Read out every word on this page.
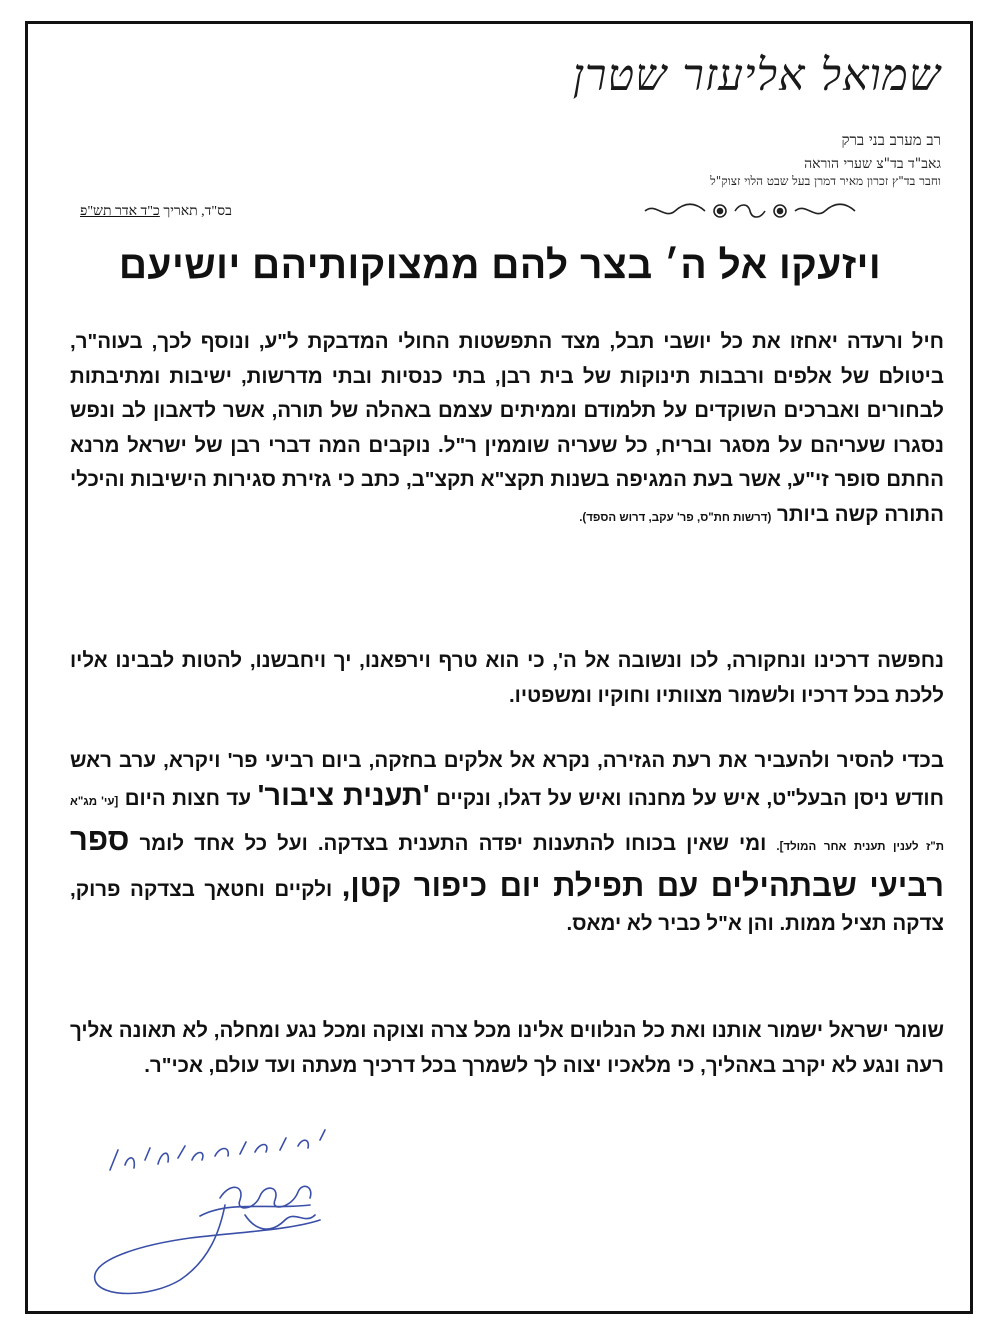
שמואל אליעזר שטרן
רב מערב בני ברק
גאב"ד בד"צ שערי הוראה
וחבר בד"ץ זכרון מאיר דמרן בעל שבט הלוי זצוק"ל
בס"ד, תאריך כ"ד אדר תש"פ
ויזעקו אל ה׳ בצר להם ממצוקותיהם יושיעם
חיל ורעדה יאחזו את כל יושבי תבל, מצד התפשטות החולי המדבקת ל"ע, ונוסף לכך, בעוה"ר, ביטולם של אלפים ורבבות תינוקות של בית רבן, בתי כנסיות ובתי מדרשות, ישיבות ומתיבתות לבחורים ואברכים השוקדים על תלמודם וממיתים עצמם באהלה של תורה, אשר לדאבון לב ונפש נסגרו שעריהם על מסגר ובריח, כל שעריה שוממין ר"ל. נוקבים המה דברי רבן של ישראל מרנא החתם סופר זי"ע, אשר בעת המגיפה בשנות תקצ"א תקצ"ב, כתב כי גזירת סגירות הישיבות והיכלי התורה קשה ביותר (דרשות חת"ס, פר' עקב, דרוש הספד).
נחפשה דרכינו ונחקורה, לכו ונשובה אל ה', כי הוא טרף וירפאנו, יך ויחבשנו, להטות לבבינו אליו ללכת בכל דרכיו ולשמור מצוותיו וחוקיו ומשפטיו.
בכדי להסיר ולהעביר את רעת הגזירה, נקרא אל אלקים בחזקה, ביום רביעי פר' ויקרא, ערב ראש חודש ניסן הבעל"ט, איש על מחנהו ואיש על דגלו, ונקיים 'תענית ציבור' עד חצות היום [עי' מג"א ת"ז לענין תענית אחר המולד]. ומי שאין בכוחו להתענות יפדה התענית בצדקה. ועל כל אחד לומר ספר רביעי שבתהילים עם תפילת יום כיפור קטן, ולקיים וחטאך בצדקה פרוק, צדקה תציל ממות. והן א"ל כביר לא ימאס.
שומר ישראל ישמור אותנו ואת כל הנלווים אלינו מכל צרה וצוקה ומכל נגע ומחלה, לא תאונה אליך רעה ונגע לא יקרב באהליך, כי מלאכיו יצוה לך לשמרך בכל דרכיך מעתה ועד עולם, אכי"ר.
